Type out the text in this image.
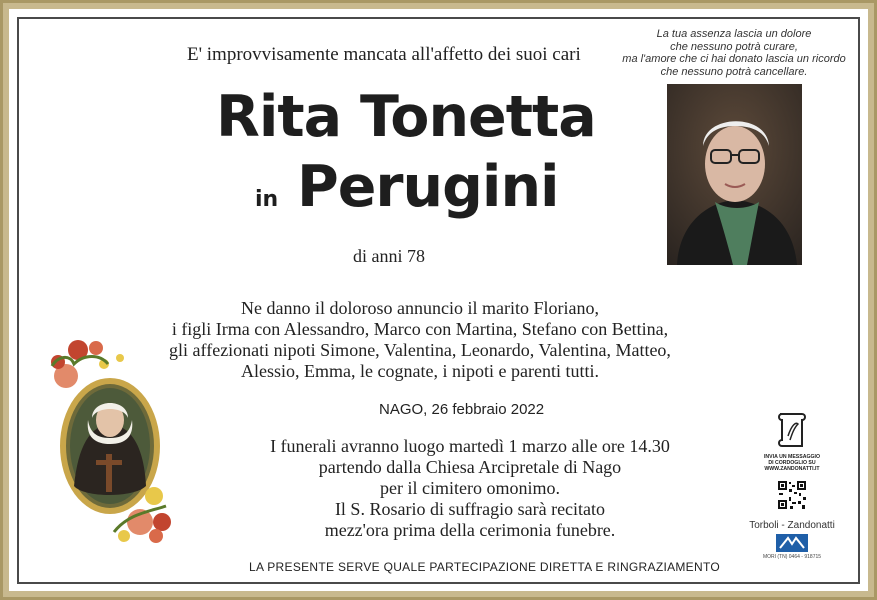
E' improvvisamente mancata all'affetto dei suoi cari
La tua assenza lascia un dolore
che nessuno potrà curare,
ma l'amore che ci hai donato lascia un ricordo
che nessuno potrà cancellare.
Rita Tonetta
in Perugini
di anni 78
Ne danno il doloroso annuncio il marito Floriano,
i figli Irma con Alessandro, Marco con Martina, Stefano con Bettina,
gli affezionati nipoti Simone, Valentina, Leonardo, Valentina, Matteo,
Alessio, Emma, le cognate, i nipoti e parenti tutti.
NAGO, 26 febbraio 2022
I funerali avranno luogo martedì 1 marzo alle ore 14.30
partendo dalla Chiesa Arcipretale di Nago
per il cimitero omonimo.
Il S. Rosario di suffragio sarà recitato
mezz'ora prima della cerimonia funebre.
LA PRESENTE SERVE QUALE PARTECIPAZIONE DIRETTA E RINGRAZIAMENTO
INVIA UN MESSAGGIO
DI CORDOGLIO SU
WWW.ZANDONATTI.IT
Torboli - Zandonatti
MORI (TN) 0464 - 918715
